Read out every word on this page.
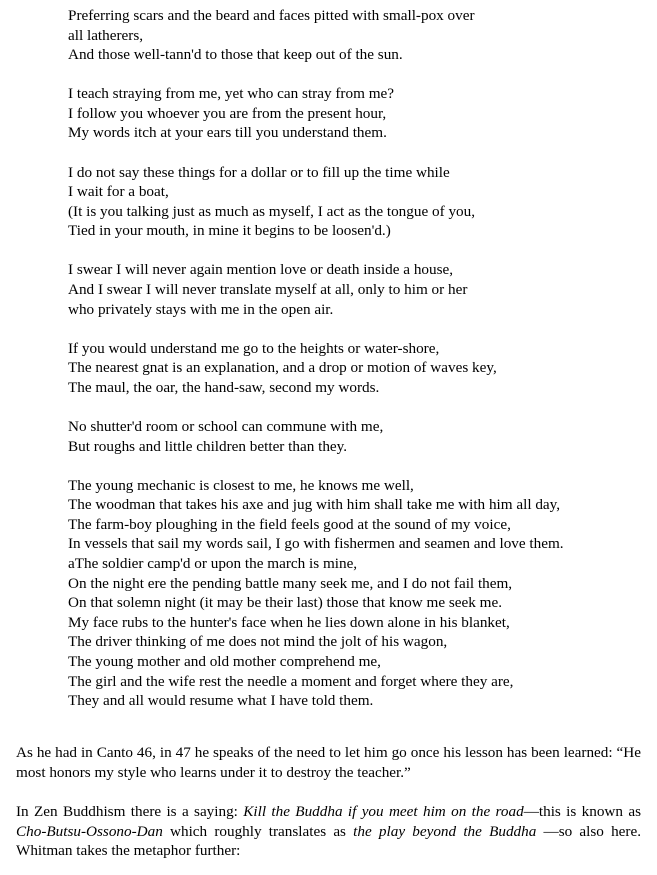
Preferring scars and the beard and faces pitted with small-pox over
all latherers,
And those well-tann'd to those that keep out of the sun.
I teach straying from me, yet who can stray from me?
I follow you whoever you are from the present hour,
My words itch at your ears till you understand them.
I do not say these things for a dollar or to fill up the time while
I wait for a boat,
(It is you talking just as much as myself, I act as the tongue of you,
Tied in your mouth, in mine it begins to be loosen'd.)
I swear I will never again mention love or death inside a house,
And I swear I will never translate myself at all, only to him or her
who privately stays with me in the open air.
If you would understand me go to the heights or water-shore,
The nearest gnat is an explanation, and a drop or motion of waves key,
The maul, the oar, the hand-saw, second my words.
No shutter'd room or school can commune with me,
But roughs and little children better than they.
The young mechanic is closest to me, he knows me well,
The woodman that takes his axe and jug with him shall take me with him all day,
The farm-boy ploughing in the field feels good at the sound of my voice,
In vessels that sail my words sail, I go with fishermen and seamen and love them.
aThe soldier camp'd or upon the march is mine,
On the night ere the pending battle many seek me, and I do not fail them,
On that solemn night (it may be their last) those that know me seek me.
My face rubs to the hunter's face when he lies down alone in his blanket,
The driver thinking of me does not mind the jolt of his wagon,
The young mother and old mother comprehend me,
The girl and the wife rest the needle a moment and forget where they are,
They and all would resume what I have told them.

As he had in Canto 46, in 47 he speaks of the need to let him go once his lesson has been learned: “He most honors my style who learns under it to destroy the teacher.”

In Zen Buddhism there is a saying: Kill the Buddha if you meet him on the road—this is known as Cho-Butsu-Ossono-Dan which roughly translates as the play beyond the Buddha —so also here. Whitman takes the metaphor further:
